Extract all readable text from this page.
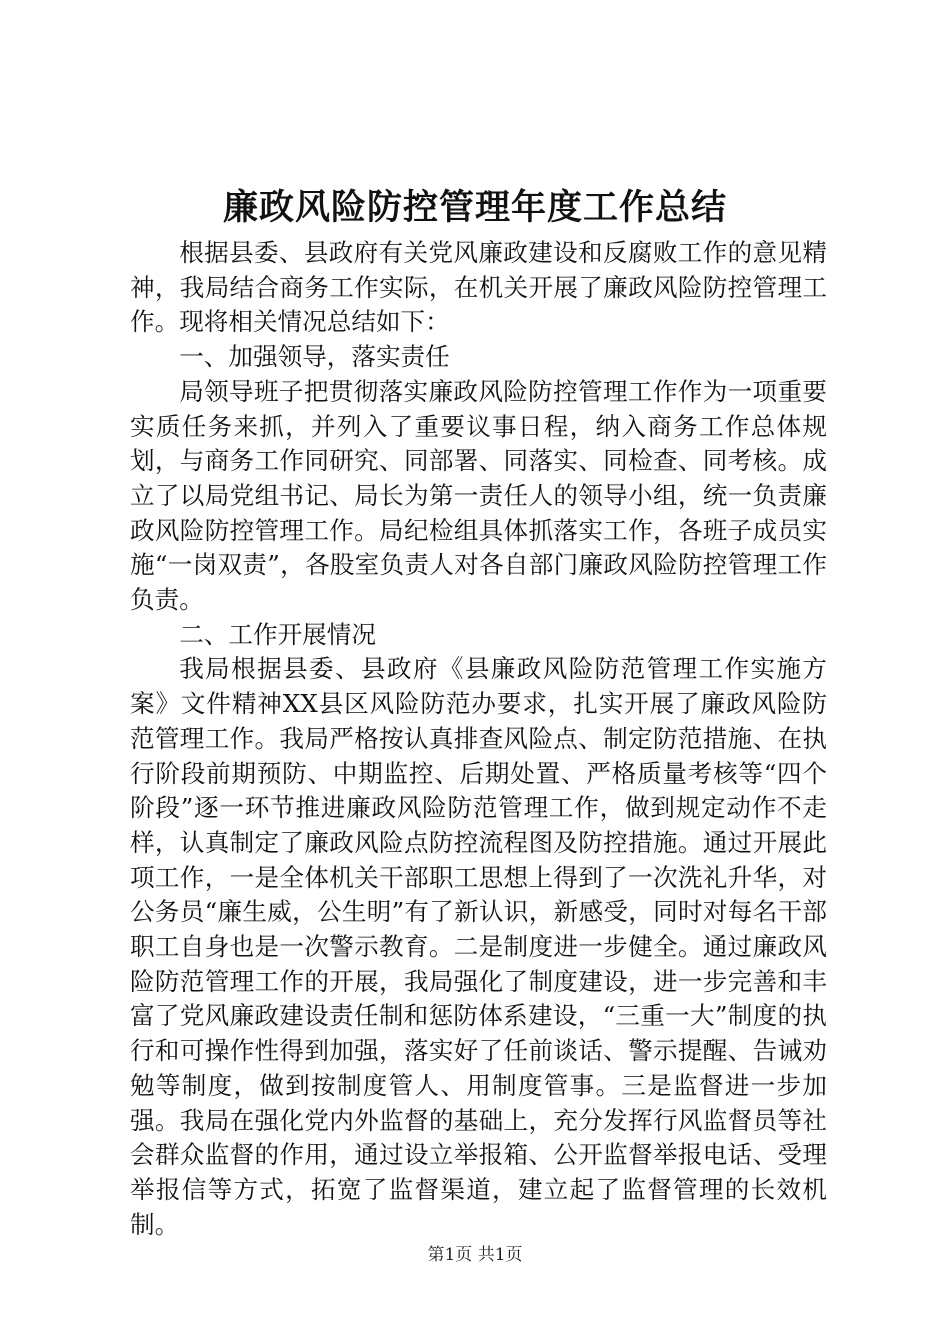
廉政风险防控管理年度工作总结

根据县委、县政府有关党风廉政建设和反腐败工作的意见精神，我局结合商务工作实际，在机关开展了廉政风险防控管理工作。现将相关情况总结如下：

一、加强领导，落实责任

局领导班子把贯彻落实廉政风险防控管理工作作为一项重要实质任务来抓，并列入了重要议事日程，纳入商务工作总体规划，与商务工作同研究、同部署、同落实、同检查、同考核。成立了以局党组书记、局长为第一责任人的领导小组，统一负责廉政风险防控管理工作。局纪检组具体抓落实工作，各班子成员实施“一岗双责”，各股室负责人对各自部门廉政风险防控管理工作负责。

二、工作开展情况

我局根据县委、县政府《县廉政风险防范管理工作实施方案》文件精神XX县区风险防范办要求，扎实开展了廉政风险防范管理工作。我局严格按认真排查风险点、制定防范措施、在执行阶段前期预防、中期监控、后期处置、严格质量考核等“四个阶段”逐一环节推进廉政风险防范管理工作，做到规定动作不走样，认真制定了廉政风险点防控流程图及防控措施。通过开展此项工作，一是全体机关干部职工思想上得到了一次洗礼升华，对公务员“廉生威，公生明”有了新认识，新感受，同时对每名干部职工自身也是一次警示教育。二是制度进一步健全。通过廉政风险防范管理工作的开展，我局强化了制度建设，进一步完善和丰富了党风廉政建设责任制和惩防体系建设，“三重一大”制度的执行和可操作性得到加强，落实好了任前谈话、警示提醒、告诫劝勉等制度，做到按制度管人、用制度管事。三是监督进一步加强。我局在强化党内外监督的基础上，充分发挥行风监督员等社会群众监督的作用，通过设立举报箱、公开监督举报电话、受理举报信等方式，拓宽了监督渠道，建立起了监督管理的长效机制。

第1页 共1页
